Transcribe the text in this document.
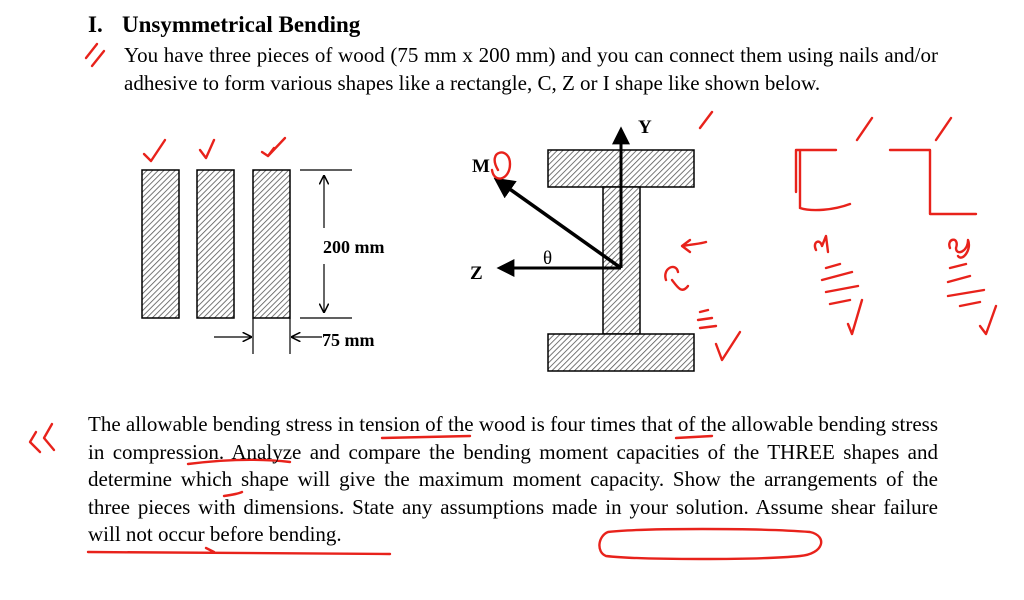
I. Unsymmetrical Bending
You have three pieces of wood (75 mm x 200 mm) and you can connect them using nails and/or adhesive to form various shapes like a rectangle, C, Z or I shape like shown below.
200 mm
75 mm
Y
Z
M
θ
The allowable bending stress in tension of the wood is four times that of the allowable bending stress in compression. Analyze and compare the bending moment capacities of the THREE shapes and determine which shape will give the maximum moment capacity. Show the arrangements of the three pieces with dimensions. State any assumptions made in your solution. Assume shear failure will not occur before bending.
